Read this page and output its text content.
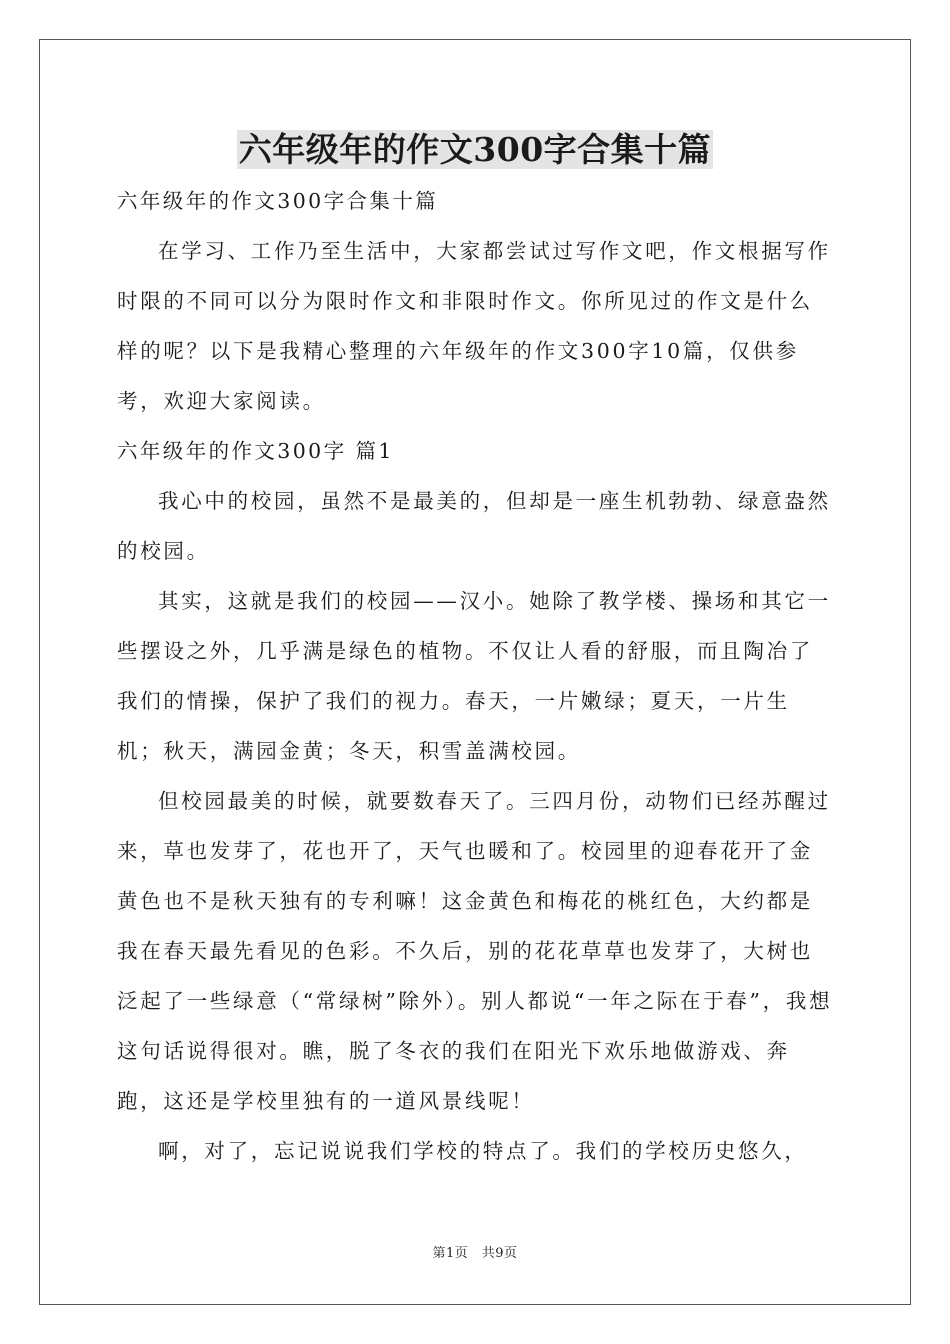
六年级年的作文300字合集十篇

六年级年的作文300字合集十篇

在学习、工作乃至生活中，大家都尝试过写作文吧，作文根据写作时限的不同可以分为限时作文和非限时作文。你所见过的作文是什么样的呢？以下是我精心整理的六年级年的作文300字10篇，仅供参考，欢迎大家阅读。

六年级年的作文300字 篇1

我心中的校园，虽然不是最美的，但却是一座生机勃勃、绿意盎然的校园。

其实，这就是我们的校园——汉小。她除了教学楼、操场和其它一些摆设之外，几乎满是绿色的植物。不仅让人看的舒服，而且陶冶了我们的情操，保护了我们的视力。春天，一片嫩绿；夏天，一片生机；秋天，满园金黄；冬天，积雪盖满校园。

但校园最美的时候，就要数春天了。三四月份，动物们已经苏醒过来，草也发芽了，花也开了，天气也暖和了。校园里的迎春花开了金黄色也不是秋天独有的专利嘛！这金黄色和梅花的桃红色，大约都是我在春天最先看见的色彩。不久后，别的花花草草也发芽了，大树也泛起了一些绿意（“常绿树”除外）。别人都说“一年之际在于春”，我想这句话说得很对。瞧，脱了冬衣的我们在阳光下欢乐地做游戏、奔跑，这还是学校里独有的一道风景线呢！

啊，对了，忘记说说我们学校的特点了。我们的学校历史悠久，

第1页　共9页
